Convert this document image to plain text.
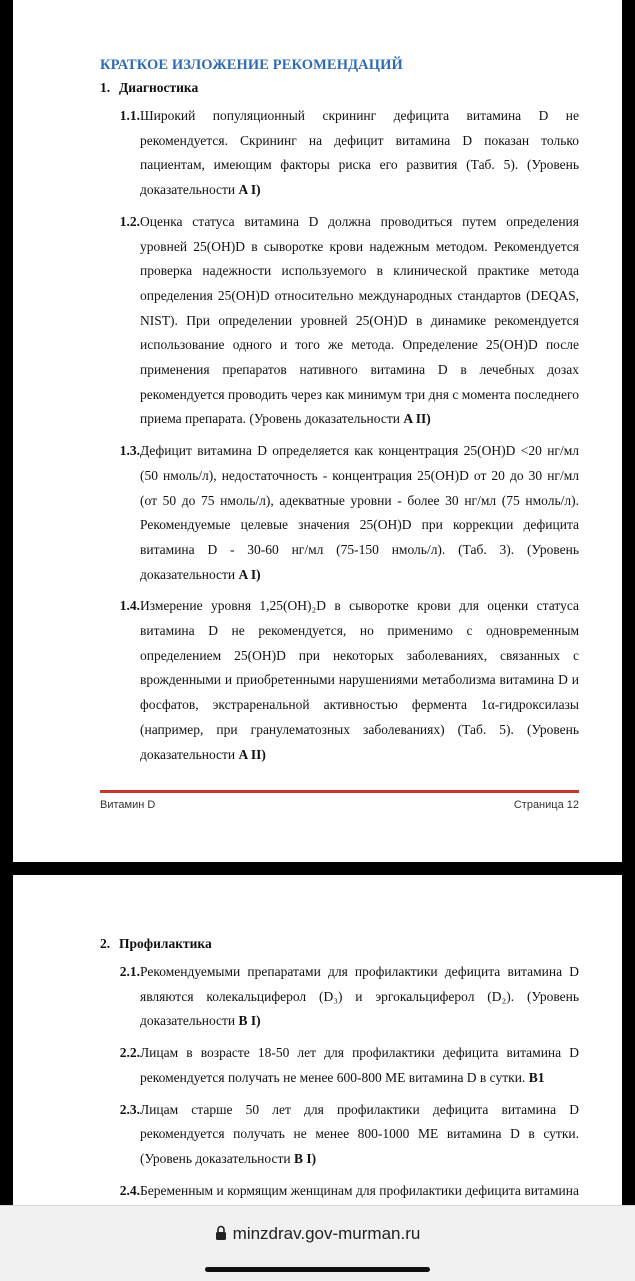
КРАТКОЕ ИЗЛОЖЕНИЕ РЕКОМЕНДАЦИЙ
1. Диагностика
1.1. Широкий популяционный скрининг дефицита витамина D не рекомендуется. Скрининг на дефицит витамина D показан только пациентам, имеющим факторы риска его развития (Таб. 5). (Уровень доказательности A I)
1.2. Оценка статуса витамина D должна проводиться путем определения уровней 25(OH)D в сыворотке крови надежным методом. Рекомендуется проверка надежности используемого в клинической практике метода определения 25(OH)D относительно международных стандартов (DEQAS, NIST). При определении уровней 25(OH)D в динамике рекомендуется использование одного и того же метода. Определение 25(OH)D после применения препаратов нативного витамина D в лечебных дозах рекомендуется проводить через как минимум три дня с момента последнего приема препарата. (Уровень доказательности A II)
1.3. Дефицит витамина D определяется как концентрация 25(OH)D <20 нг/мл (50 нмоль/л), недостаточность - концентрация 25(OH)D от 20 до 30 нг/мл (от 50 до 75 нмоль/л), адекватные уровни - более 30 нг/мл (75 нмоль/л). Рекомендуемые целевые значения 25(OH)D при коррекции дефицита витамина D - 30-60 нг/мл (75-150 нмоль/л). (Таб. 3). (Уровень доказательности A I)
1.4. Измерение уровня 1,25(OH)₂D в сыворотке крови для оценки статуса витамина D не рекомендуется, но применимо с одновременным определением 25(OH)D при некоторых заболеваниях, связанных с врожденными и приобретенными нарушениями метаболизма витамина D и фосфатов, экстраренальной активностью фермента 1α-гидроксилазы (например, при гранулематозных заболеваниях) (Таб. 5). (Уровень доказательности A II)
Витамин D	Страница 12
2. Профилактика
2.1. Рекомендуемыми препаратами для профилактики дефицита витамина D являются колекальциферол (D₃) и эргокальциферол (D₂). (Уровень доказательности B I)
2.2. Лицам в возрасте 18-50 лет для профилактики дефицита витамина D рекомендуется получать не менее 600-800 МЕ витамина D в сутки. B1
2.3. Лицам старше 50 лет для профилактики дефицита витамина D рекомендуется получать не менее 800-1000 МЕ витамина D в сутки. (Уровень доказательности B I)
2.4. Беременным и кормящим женщинам для профилактики дефицита витамина
minzdrav.gov-murman.ru
